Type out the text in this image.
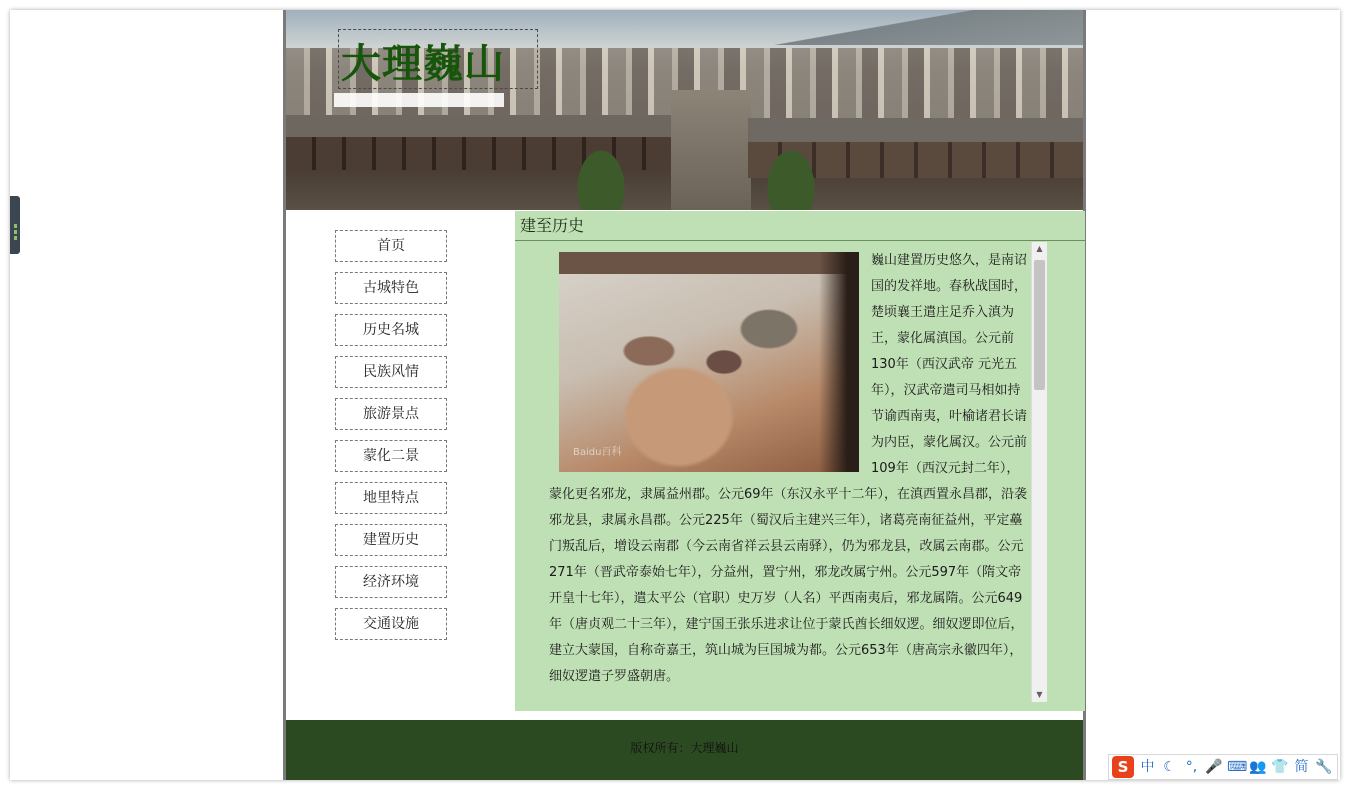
大理巍山
首页
古城特色
历史名城
民族风情
旅游景点
蒙化二景
地里特点
建置历史
经济环境
交通设施
建至历史

Baidu百科
巍山建置历史悠久，是南诏国的发祥地。春秋战国时，楚顷襄王遣庄足乔入滇为王，蒙化属滇国。公元前130年（西汉武帝 元光五年），汉武帝遣司马相如持节谕西南夷，叶榆诸君长请为内臣，蒙化属汉。公元前109年（西汉元封二年），蒙化更名邪龙，隶属益州郡。公元69年（东汉永平十二年），在滇西置永昌郡，沿袭邪龙县，隶属永昌郡。公元225年（蜀汉后主建兴三年），诸葛亮南征益州，平定蘲门叛乱后，增设云南郡（今云南省祥云县云南驿），仍为邪龙县，改属云南郡。公元271年（晋武帝泰始七年），分益州，置宁州，邪龙改属宁州。公元597年（隋文帝开皇十七年），遣太平公（官职）史万岁（人名）平西南夷后，邪龙属隋。公元649年（唐贞观二十三年），建宁国王张乐进求让位于蒙氏酋长细奴逻。细奴逻即位后，建立大蒙国，自称奇嘉王，筑山城为巨国城为都。公元653年（唐高宗永徽四年），细奴逻遣子罗盛朝唐。

▲
▼
版权所有：大理巍山
S 中 ☾ °, 🎤 ⌨ 👥 👕 简 🔧
